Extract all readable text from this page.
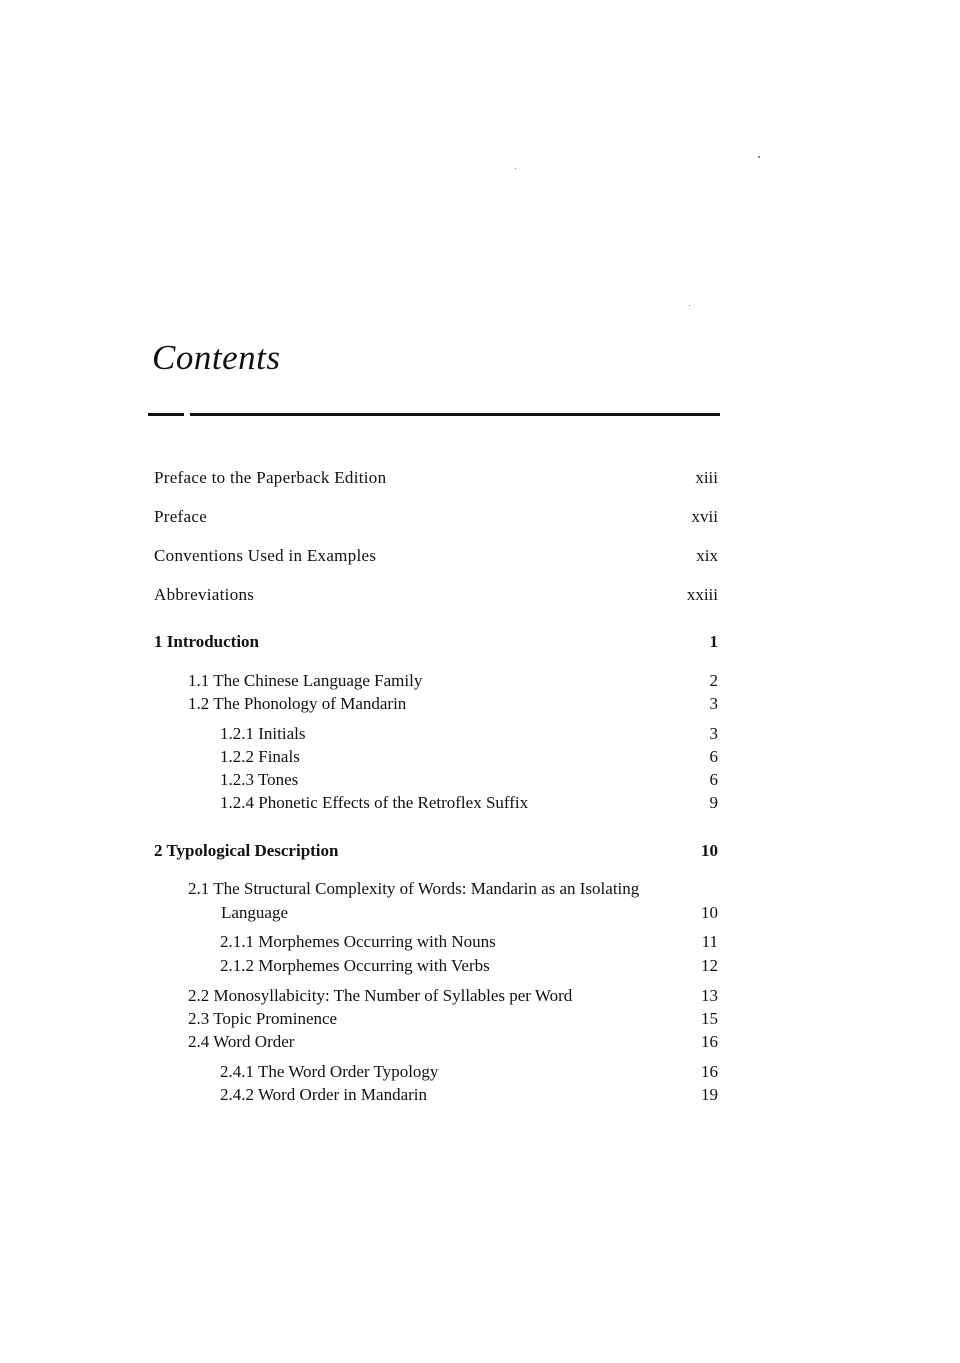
Contents
Preface to the Paperback Edition	xiii
Preface	xvii
Conventions Used in Examples	xix
Abbreviations	xxiii
1 Introduction	1
1.1 The Chinese Language Family	2
1.2 The Phonology of Mandarin	3
1.2.1 Initials	3
1.2.2 Finals	6
1.2.3 Tones	6
1.2.4 Phonetic Effects of the Retroflex Suffix	9
2 Typological Description	10
2.1 The Structural Complexity of Words: Mandarin as an Isolating Language	10
2.1.1 Morphemes Occurring with Nouns	11
2.1.2 Morphemes Occurring with Verbs	12
2.2 Monosyllabicity: The Number of Syllables per Word	13
2.3 Topic Prominence	15
2.4 Word Order	16
2.4.1 The Word Order Typology	16
2.4.2 Word Order in Mandarin	19
